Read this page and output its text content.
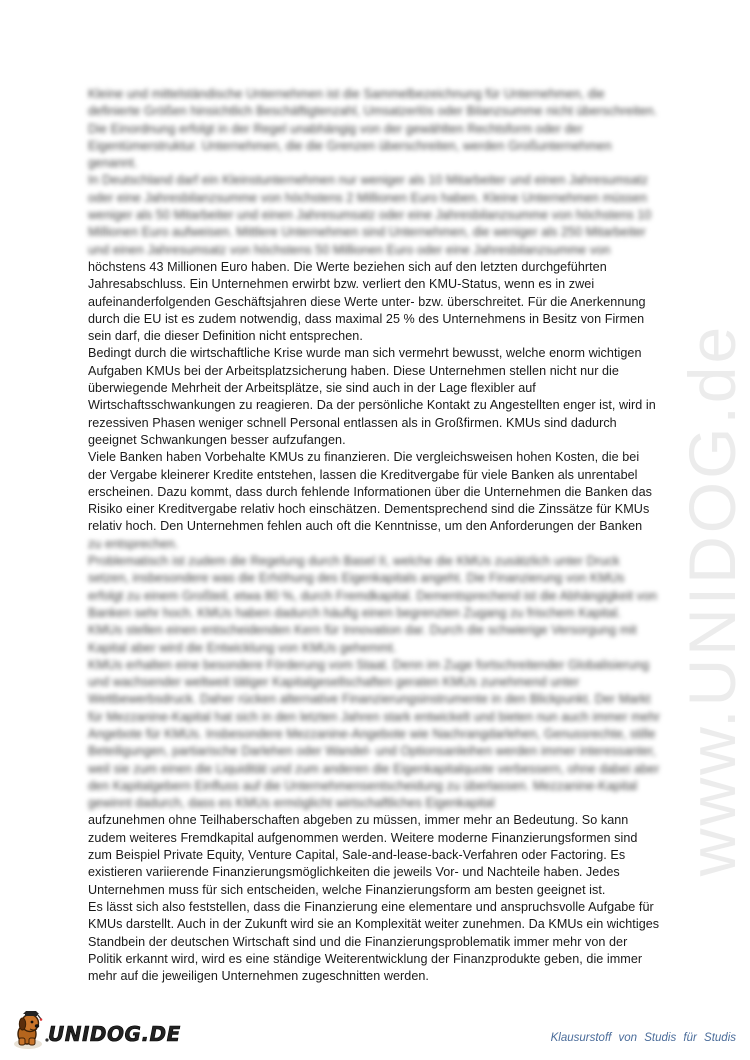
www.UNIDOG.de

Kleine und mittelständische Unternehmen ist die Sammelbezeichnung für Unternehmen, die definierte Größen hinsichtlich Beschäftigtenzahl, Umsatzerlös oder Bilanzsumme nicht überschreiten. Die Einordnung erfolgt in der Regel unabhängig von der gewählten Rechtsform oder der Eigentümerstruktur. Unternehmen, die die Grenzen überschreiten, werden Großunternehmen genannt.

In Deutschland darf ein Kleinstunternehmen nur weniger als 10 Mitarbeiter und einen Jahresumsatz oder eine Jahresbilanzsumme von höchstens 2 Millionen Euro haben. Kleine Unternehmen müssen weniger als 50 Mitarbeiter und einen Jahresumsatz oder eine Jahresbilanzsumme von höchstens 10 Millionen Euro aufweisen. Mittlere Unternehmen sind Unternehmen, die weniger als 250 Mitarbeiter und einen Jahresumsatz von höchstens 50 Millionen Euro oder eine Jahresbilanzsumme von

höchstens 43 Millionen Euro haben. Die Werte beziehen sich auf den letzten durchgeführten Jahresabschluss. Ein Unternehmen erwirbt bzw. verliert den KMU-Status, wenn es in zwei aufeinanderfolgenden Geschäftsjahren diese Werte unter- bzw. überschreitet. Für die Anerkennung durch die EU ist es zudem notwendig, dass maximal 25 % des Unternehmens in Besitz von Firmen sein darf, die dieser Definition nicht entsprechen.

Bedingt durch die wirtschaftliche Krise wurde man sich vermehrt bewusst, welche enorm wichtigen Aufgaben KMUs bei der Arbeitsplatzsicherung haben. Diese Unternehmen stellen nicht nur die überwiegende Mehrheit der Arbeitsplätze, sie sind auch in der Lage flexibler auf Wirtschaftsschwankungen zu reagieren. Da der persönliche Kontakt zu Angestellten enger ist, wird in rezessiven Phasen weniger schnell Personal entlassen als in Großfirmen. KMUs sind dadurch geeignet Schwankungen besser aufzufangen.

Viele Banken haben Vorbehalte KMUs zu finanzieren. Die vergleichsweisen hohen Kosten, die bei der Vergabe kleinerer Kredite entstehen, lassen die Kreditvergabe für viele Banken als unrentabel erscheinen. Dazu kommt, dass durch fehlende Informationen über die Unternehmen die Banken das Risiko einer Kreditvergabe relativ hoch einschätzen. Dementsprechend sind die Zinssätze für KMUs relativ hoch. Den Unternehmen fehlen auch oft die Kenntnisse, um den Anforderungen der Banken

zu entsprechen.

Problematisch ist zudem die Regelung durch Basel II, welche die KMUs zusätzlich unter Druck setzen, insbesondere was die Erhöhung des Eigenkapitals angeht. Die Finanzierung von KMUs erfolgt zu einem Großteil, etwa 80 %, durch Fremdkapital. Dementsprechend ist die Abhängigkeit von Banken sehr hoch. KMUs haben dadurch häufig einen begrenzten Zugang zu frischem Kapital.

KMUs stellen einen entscheidenden Kern für Innovation dar. Durch die schwierige Versorgung mit Kapital aber wird die Entwicklung von KMUs gehemmt.

KMUs erhalten eine besondere Förderung vom Staat. Denn im Zuge fortschreitender Globalisierung und wachsender weltweit tätiger Kapitalgesellschaften geraten KMUs zunehmend unter Wettbewerbsdruck. Daher rücken alternative Finanzierungsinstrumente in den Blickpunkt. Der Markt für Mezzanine-Kapital hat sich in den letzten Jahren stark entwickelt und bieten nun auch immer mehr Angebote für KMUs. Insbesondere Mezzanine-Angebote wie Nachrangdarlehen, Genussrechte, stille Beteiligungen, partiarische Darlehen oder Wandel- und Optionsanleihen werden immer interessanter, weil sie zum einen die Liquidität und zum anderen die Eigenkapitalquote verbessern, ohne dabei aber den Kapitalgebern Einfluss auf die Unternehmensentscheidung zu überlassen. Mezzanine-Kapital gewinnt dadurch, dass es KMUs ermöglicht wirtschaftliches Eigenkapital

aufzunehmen ohne Teilhaberschaften abgeben zu müssen, immer mehr an Bedeutung. So kann zudem weiteres Fremdkapital aufgenommen werden. Weitere moderne Finanzierungsformen sind zum Beispiel Private Equity, Venture Capital, Sale-and-lease-back-Verfahren oder Factoring. Es existieren variierende Finanzierungsmöglichkeiten die jeweils Vor- und Nachteile haben. Jedes Unternehmen muss für sich entscheiden, welche Finanzierungsform am besten geeignet ist.

Es lässt sich also feststellen, dass die Finanzierung eine elementare und anspruchsvolle Aufgabe für KMUs darstellt. Auch in der Zukunft wird sie an Komplexität weiter zunehmen. Da KMUs ein wichtiges Standbein der deutschen Wirtschaft sind und die Finanzierungsproblematik immer mehr von der Politik erkannt wird, wird es eine ständige Weiterentwicklung der Finanzprodukte geben, die immer mehr auf die jeweiligen Unternehmen zugeschnitten werden.

UNIDOG.DE	Klausurstoff von Studis für Studis
